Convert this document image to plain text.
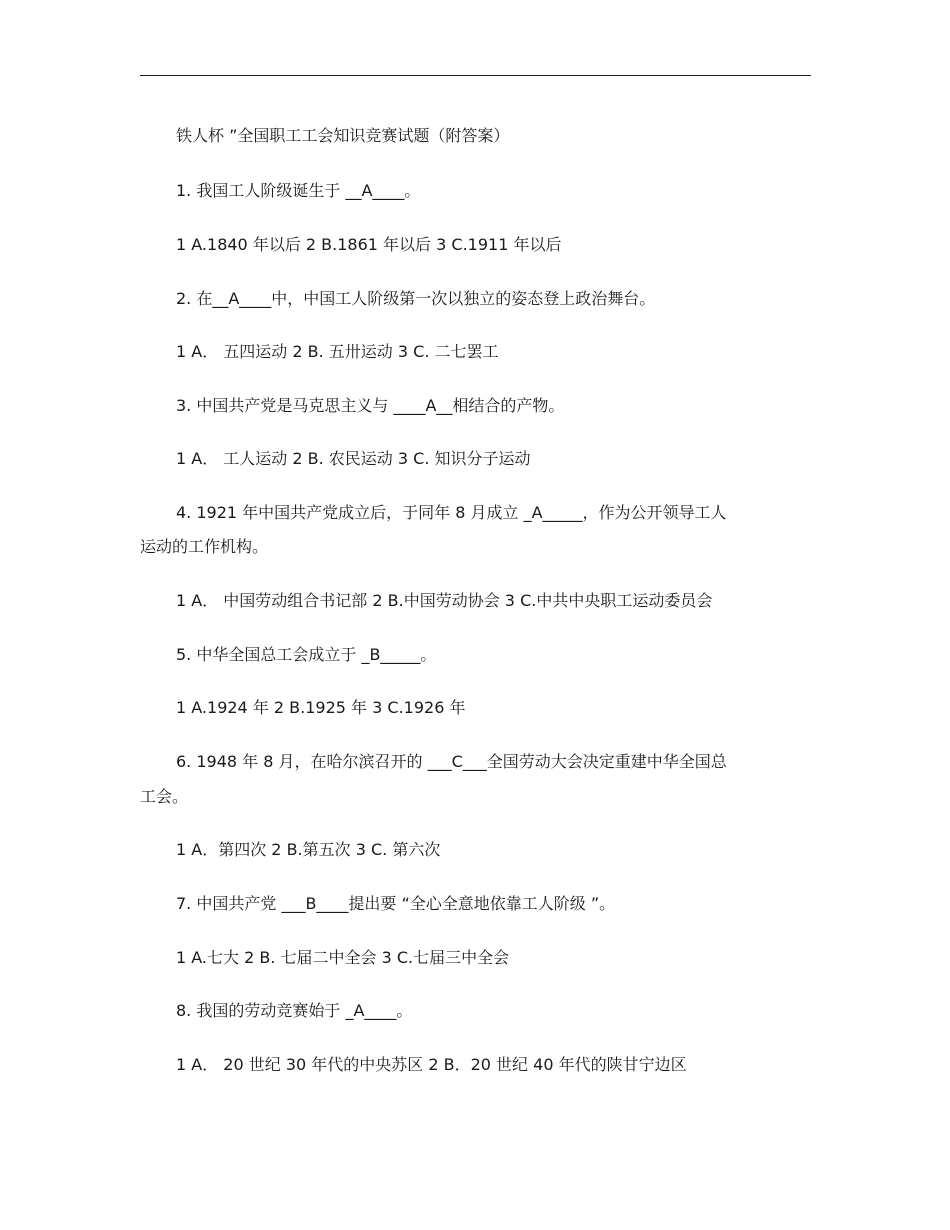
铁人杯 ”全国职工工会知识竞赛试题（附答案）
1. 我国工人阶级诞生于 __A____。
1 A.1840 年以后 2 B.1861 年以后 3 C.1911 年以后
2. 在__A____中，中国工人阶级第一次以独立的姿态登上政治舞台。
1 A． 五四运动 2 B. 五卅运动 3 C. 二七罢工
3. 中国共产党是马克思主义与 ____A__相结合的产物。
1 A． 工人运动 2 B. 农民运动 3 C. 知识分子运动
4. 1921 年中国共产党成立后，于同年 8 月成立 _A_____，作为公开领导工人
运动的工作机构。
1 A． 中国劳动组合书记部 2 B.中国劳动协会 3 C.中共中央职工运动委员会
5. 中华全国总工会成立于 _B_____。
1 A.1924 年 2 B.1925 年 3 C.1926 年
6. 1948 年 8 月，在哈尔滨召开的 ___C___全国劳动大会决定重建中华全国总
工会。
1 A．第四次 2 B.第五次 3 C. 第六次
7. 中国共产党 ___B____提出要 “全心全意地依靠工人阶级 ”。
1 A.七大 2 B. 七届二中全会 3 C.七届三中全会
8. 我国的劳动竞赛始于 _A____。
1 A． 20 世纪 30 年代的中央苏区 2 B．20 世纪 40 年代的陕甘宁边区
